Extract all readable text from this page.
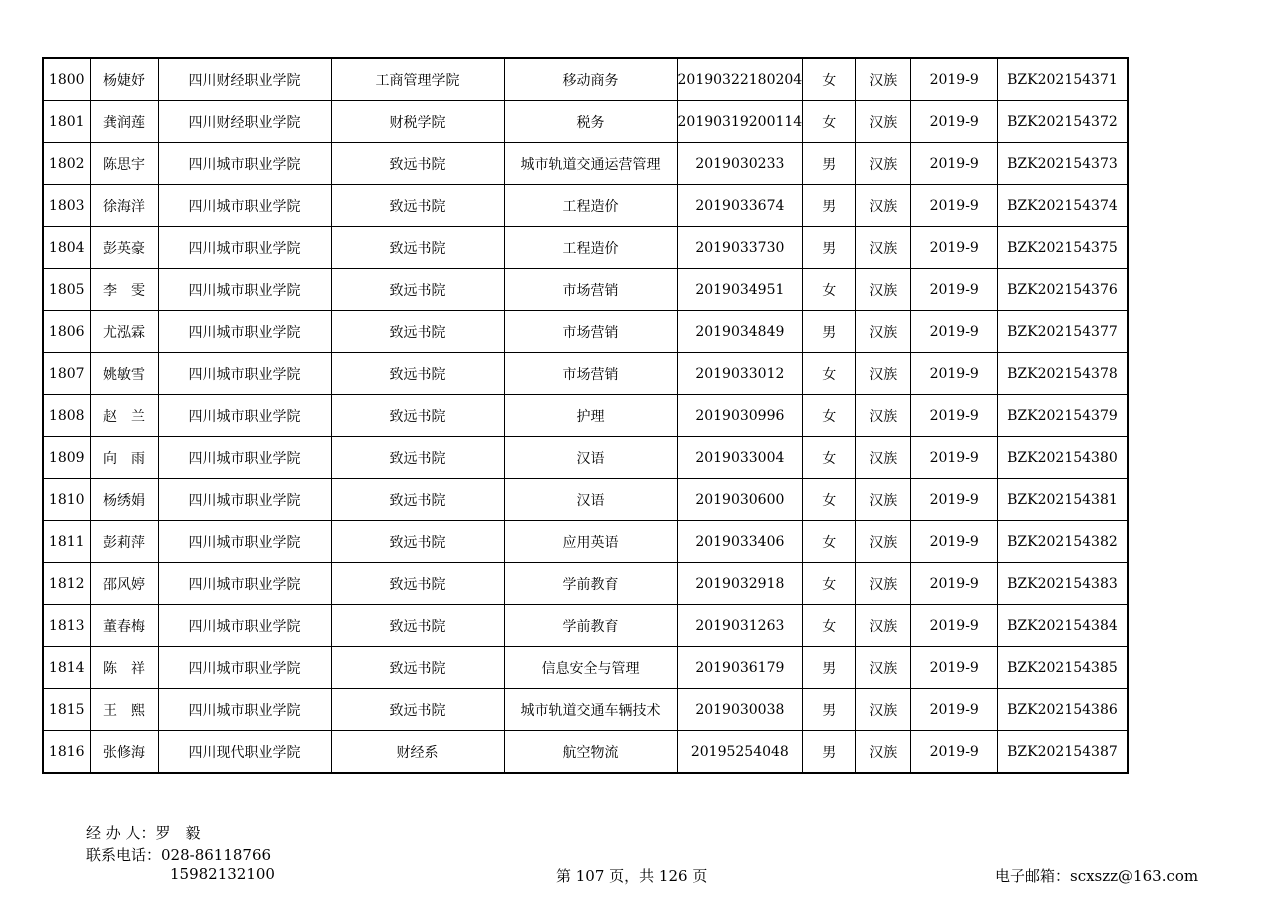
1800	杨婕妤	四川财经职业学院	工商管理学院	移动商务	20190322180204	女	汉族	2019-9	BZK202154371
1801	龚润莲	四川财经职业学院	财税学院	税务	20190319200114	女	汉族	2019-9	BZK202154372
1802	陈思宇	四川城市职业学院	致远书院	城市轨道交通运营管理	2019030233	男	汉族	2019-9	BZK202154373
1803	徐海洋	四川城市职业学院	致远书院	工程造价	2019033674	男	汉族	2019-9	BZK202154374
1804	彭英豪	四川城市职业学院	致远书院	工程造价	2019033730	男	汉族	2019-9	BZK202154375
1805	李　雯	四川城市职业学院	致远书院	市场营销	2019034951	女	汉族	2019-9	BZK202154376
1806	尤泓霖	四川城市职业学院	致远书院	市场营销	2019034849	男	汉族	2019-9	BZK202154377
1807	姚敏雪	四川城市职业学院	致远书院	市场营销	2019033012	女	汉族	2019-9	BZK202154378
1808	赵　兰	四川城市职业学院	致远书院	护理	2019030996	女	汉族	2019-9	BZK202154379
1809	向　雨	四川城市职业学院	致远书院	汉语	2019033004	女	汉族	2019-9	BZK202154380
1810	杨绣娟	四川城市职业学院	致远书院	汉语	2019030600	女	汉族	2019-9	BZK202154381
1811	彭莉萍	四川城市职业学院	致远书院	应用英语	2019033406	女	汉族	2019-9	BZK202154382
1812	邵风婷	四川城市职业学院	致远书院	学前教育	2019032918	女	汉族	2019-9	BZK202154383
1813	董春梅	四川城市职业学院	致远书院	学前教育	2019031263	女	汉族	2019-9	BZK202154384
1814	陈　祥	四川城市职业学院	致远书院	信息安全与管理	2019036179	男	汉族	2019-9	BZK202154385
1815	王　熙	四川城市职业学院	致远书院	城市轨道交通车辆技术	2019030038	男	汉族	2019-9	BZK202154386
1816	张修海	四川现代职业学院	财经系	航空物流	20195254048	男	汉族	2019-9	BZK202154387
经 办 人：罗　毅
联系电话：028-86118766
15982132100	第 107 页，共 126 页	电子邮箱：scxszz@163.com
